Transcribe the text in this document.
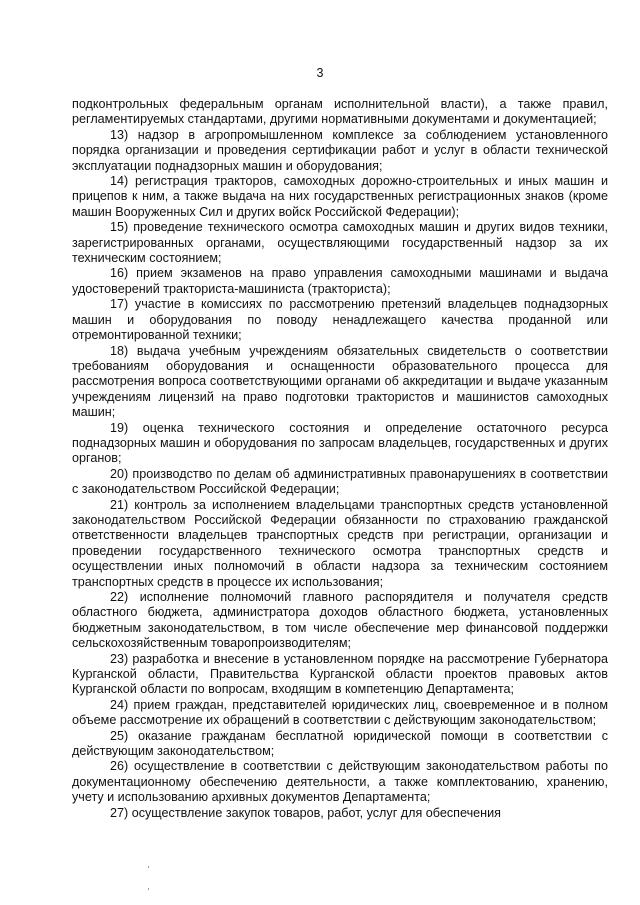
3

подконтрольных федеральным органам исполнительной власти), а также правил, регламентируемых стандартами, другими нормативными документами и документацией;

13) надзор в агропромышленном комплексе за соблюдением установленного порядка организации и проведения сертификации работ и услуг в области технической эксплуатации поднадзорных машин и оборудования;

14) регистрация тракторов, самоходных дорожно-строительных и иных машин и прицепов к ним, а также выдача на них государственных регистрационных знаков (кроме машин Вооруженных Сил и других войск Российской Федерации);

15) проведение технического осмотра самоходных машин и других видов техники, зарегистрированных органами, осуществляющими государственный надзор за их техническим состоянием;

16) прием экзаменов на право управления самоходными машинами и выдача удостоверений тракториста-машиниста (тракториста);

17) участие в комиссиях по рассмотрению претензий владельцев поднадзорных машин и оборудования по поводу ненадлежащего качества проданной или отремонтированной техники;

18) выдача учебным учреждениям обязательных свидетельств о соответствии требованиям оборудования и оснащенности образовательного процесса для рассмотрения вопроса соответствующими органами об аккредитации и выдаче указанным учреждениям лицензий на право подготовки трактористов и машинистов самоходных машин;

19) оценка технического состояния и определение остаточного ресурса поднадзорных машин и оборудования по запросам владельцев, государственных и других органов;

20) производство по делам об административных правонарушениях в соответствии с законодательством Российской Федерации;

21) контроль за исполнением владельцами транспортных средств установленной законодательством Российской Федерации обязанности по страхованию гражданской ответственности владельцев транспортных средств при регистрации, организации и проведении государственного технического осмотра транспортных средств и осуществлении иных полномочий в области надзора за техническим состоянием транспортных средств в процессе их использования;

22) исполнение полномочий главного распорядителя и получателя средств областного бюджета, администратора доходов областного бюджета, установленных бюджетным законодательством, в том числе обеспечение мер финансовой поддержки сельскохозяйственным товаропроизводителям;

23) разработка и внесение в установленном порядке на рассмотрение Губернатора Курганской области, Правительства Курганской области проектов правовых актов Курганской области по вопросам, входящим в компетенцию Департамента;

24) прием граждан, представителей юридических лиц, своевременное и в полном объеме рассмотрение их обращений в соответствии с действующим законодательством;

25) оказание гражданам бесплатной юридической помощи в соответствии с действующим законодательством;

26) осуществление в соответствии с действующим законодательством работы по документационному обеспечению деятельности, а также комплектованию, хранению, учету и использованию архивных документов Департамента;

27) осуществление закупок товаров, работ, услуг для обеспечения
